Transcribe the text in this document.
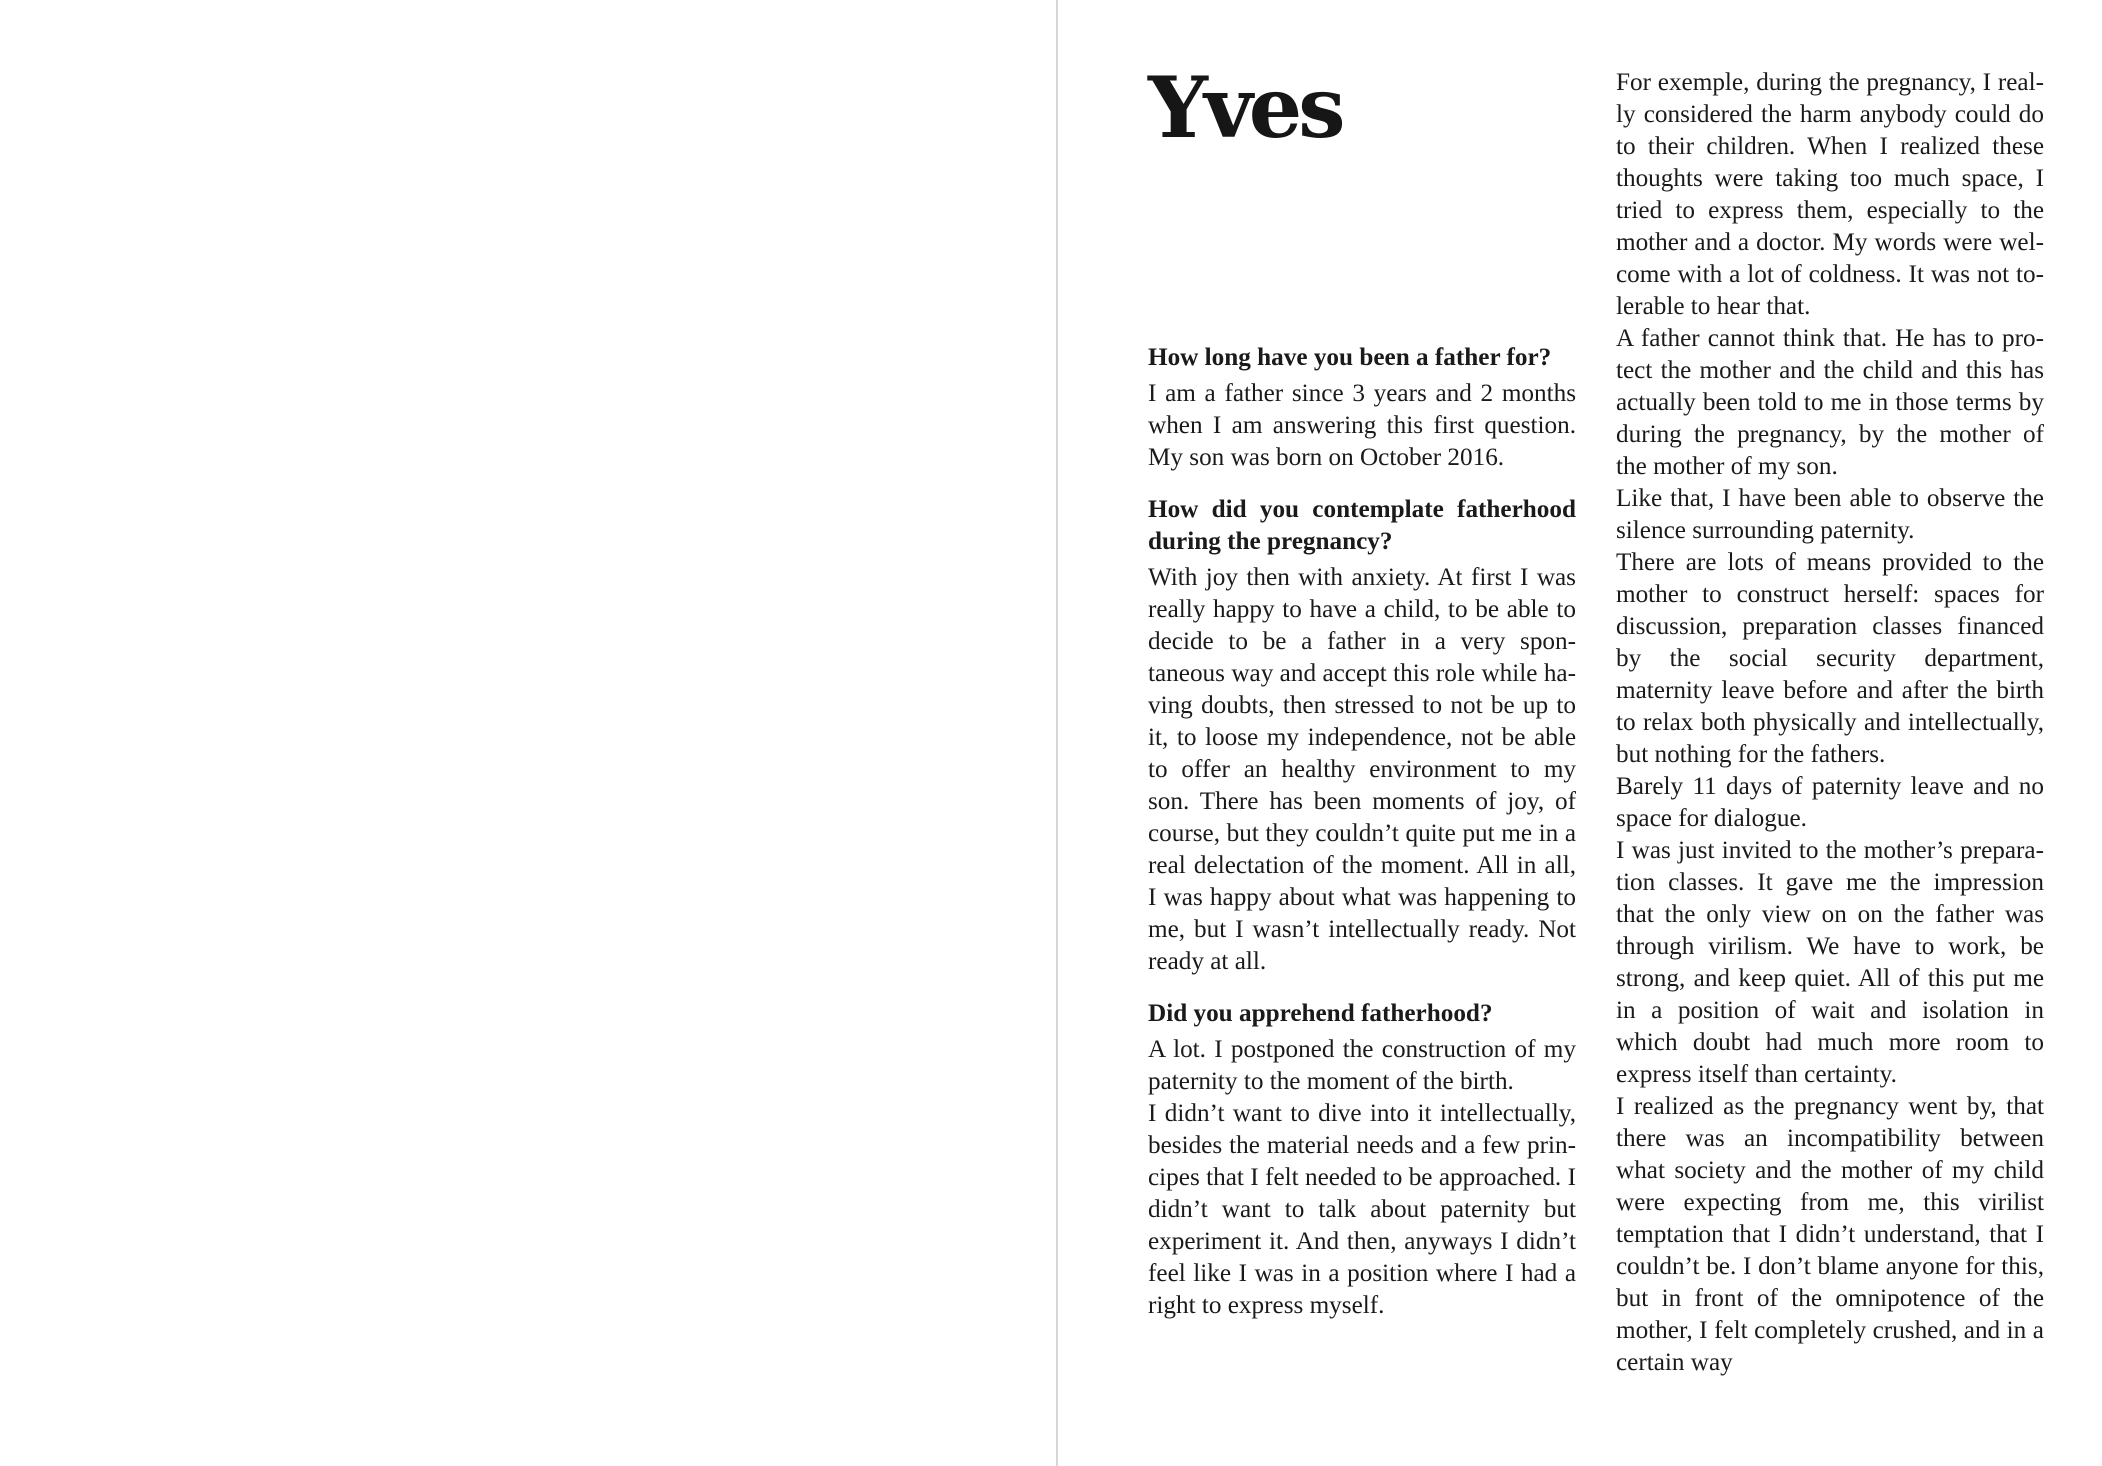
Yves
How long have you been a father for?

I am a father since 3 years and 2 months when I am answering this first question. My son was born on October 2016.

How did you contemplate fatherhood during the pregnancy?

With joy then with anxiety. At first I was really happy to have a child, to be able to decide to be a father in a very spontaneous way and accept this role while having doubts, then stressed to not be up to it, to loose my independence, not be able to offer an healthy environment to my son. There has been moments of joy, of course, but they couldn’t quite put me in a real delectation of the moment. All in all, I was happy about what was happening to me, but I wasn’t intellectually ready. Not ready at all.

Did you apprehend fatherhood?

A lot. I postponed the construction of my paternity to the moment of the birth.

I didn’t want to dive into it intellectually, besides the material needs and a few principes that I felt needed to be approached. I didn’t want to talk about paternity but experiment it. And then, anyways I didn’t feel like I was in a position where I had a right to express myself.

For exemple, during the pregnancy, I really considered the harm anybody could do to their children. When I realized these thoughts were taking too much space, I tried to express them, especially to the mother and a doctor. My words were welcome with a lot of coldness. It was not tolerable to hear that.

A father cannot think that. He has to protect the mother and the child and this has actually been told to me in those terms by during the pregnancy, by the mother of the mother of my son.

Like that, I have been able to observe the silence surrounding paternity.

There are lots of means provided to the mother to construct herself: spaces for discussion, preparation classes financed by the social security department, maternity leave before and after the birth to relax both physically and intellectually, but nothing for the fathers.

Barely 11 days of paternity leave and no space for dialogue.

I was just invited to the mother’s preparation classes. It gave me the impression that the only view on on the father was through virilism. We have to work, be strong, and keep quiet. All of this put me in a position of wait and isolation in which doubt had much more room to express itself than certainty.

I realized as the pregnancy went by, that there was an incompatibility between what society and the mother of my child were expecting from me, this virilist temptation that I didn’t understand, that I couldn’t be. I don’t blame anyone for this, but in front of the omnipotence of the mother, I felt completely crushed, and in a certain way
